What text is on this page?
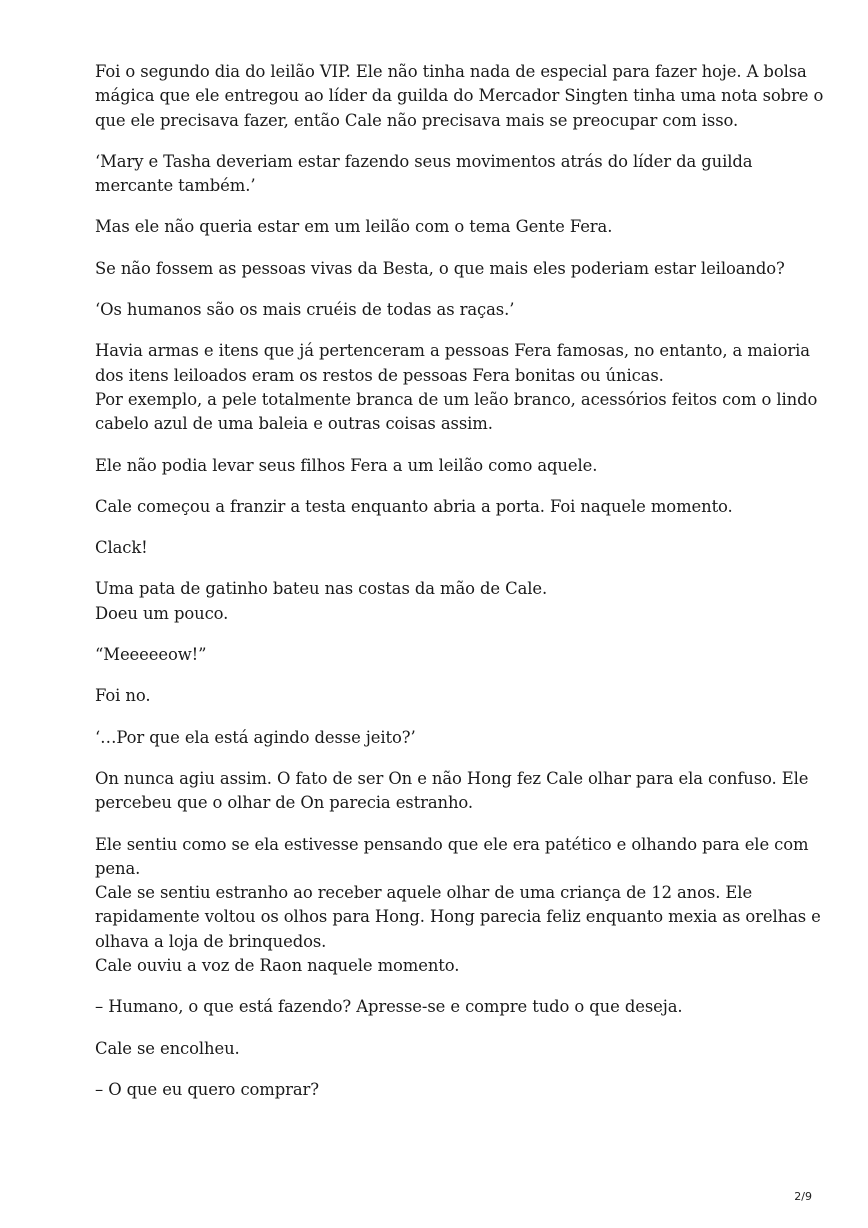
Foi o segundo dia do leilão VIP. Ele não tinha nada de especial para fazer hoje. A bolsa
mágica que ele entregou ao líder da guilda do Mercador Singten tinha uma nota sobre o
que ele precisava fazer, então Cale não precisava mais se preocupar com isso.

‘Mary e Tasha deveriam estar fazendo seus movimentos atrás do líder da guilda
mercante também.’

Mas ele não queria estar em um leilão com o tema Gente Fera.

Se não fossem as pessoas vivas da Besta, o que mais eles poderiam estar leiloando?

‘Os humanos são os mais cruéis de todas as raças.’

Havia armas e itens que já pertenceram a pessoas Fera famosas, no entanto, a maioria
dos itens leiloados eram os restos de pessoas Fera bonitas ou únicas.
Por exemplo, a pele totalmente branca de um leão branco, acessórios feitos com o lindo
cabelo azul de uma baleia e outras coisas assim.

Ele não podia levar seus filhos Fera a um leilão como aquele.

Cale começou a franzir a testa enquanto abria a porta. Foi naquele momento.

Clack!

Uma pata de gatinho bateu nas costas da mão de Cale.
Doeu um pouco.

“Meeeeeow!”

Foi no.

‘…Por que ela está agindo desse jeito?’

On nunca agiu assim. O fato de ser On e não Hong fez Cale olhar para ela confuso. Ele
percebeu que o olhar de On parecia estranho.

Ele sentiu como se ela estivesse pensando que ele era patético e olhando para ele com
pena.
Cale se sentiu estranho ao receber aquele olhar de uma criança de 12 anos. Ele
rapidamente voltou os olhos para Hong. Hong parecia feliz enquanto mexia as orelhas e
olhava a loja de brinquedos.
Cale ouviu a voz de Raon naquele momento.

– Humano, o que está fazendo? Apresse-se e compre tudo o que deseja.

Cale se encolheu.

– O que eu quero comprar?

2/9
